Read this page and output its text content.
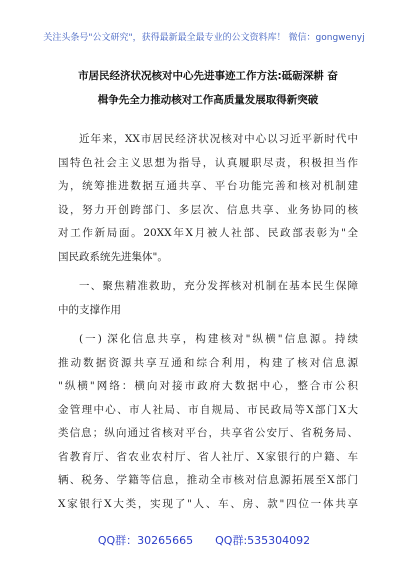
关注头条号"公文研究"，获得最新最全最专业的公文资料库！ 微信：gongwenyj
市居民经济状况核对中心先进事迹工作方法:砥砺深耕 奋
楫争先全力推动核对工作高质量发展取得新突破

近年来，XX市居民经济状况核对中心以习近平新时代中
国特色社会主义思想为指导，认真履职尽责，积极担当作
为，统筹推进数据互通共享、平台功能完善和核对机制建
设，努力开创跨部门、多层次、信息共享、业务协同的核
对工作新局面。20XX年X月被人社部、民政部表彰为"全
国民政系统先进集体"。

一、聚焦精准救助，充分发挥核对机制在基本民生保障
中的支撑作用

(一) 深化信息共享，构建核对"纵横"信息源。持续
推动数据资源共享互通和综合利用，构建了核对信息源
"纵横"网络：横向对接市政府大数据中心，整合市公积
金管理中心、市人社局、市自规局、市民政局等X部门X大
类信息；纵向通过省核对平台，共享省公安厅、省税务局、
省教育厅、省农业农村厅、省人社厅、X家银行的户籍、车
辆、税务、学籍等信息，推动全市核对信息源拓展至X部门
X家银行X大类，实现了"人、车、房、款"四位一体共享

QQ群：30265665 QQ群:535304092
